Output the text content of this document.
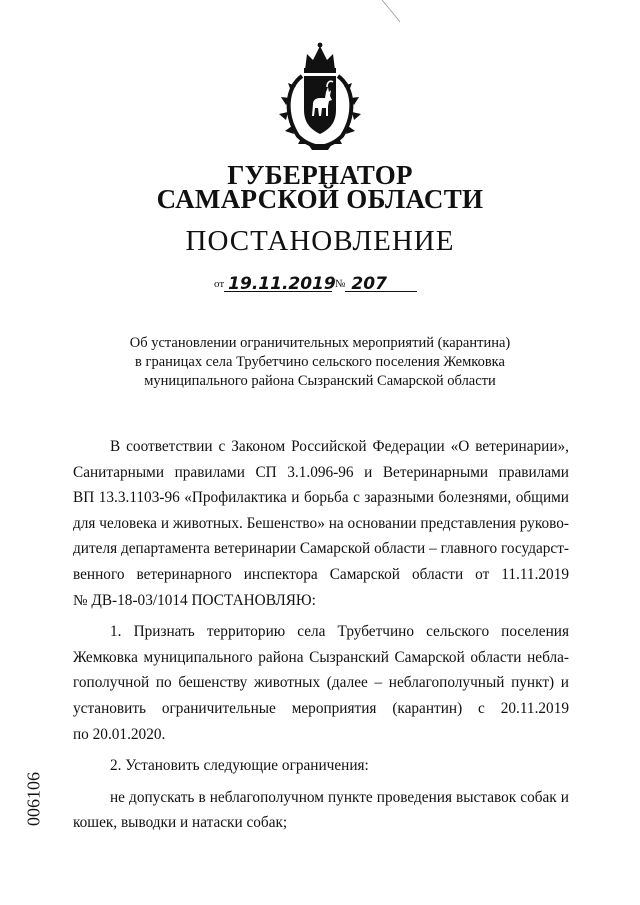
ГУБЕРНАТОР
САМАРСКОЙ ОБЛАСТИ
ПОСТАНОВЛЕНИЕ
от 19.11.2019 № 207
Об установлении ограничительных мероприятий (карантина)
в границах села Трубетчино сельского поселения Жемковка
муниципального района Сызранский Самарской области

В соответствии с Законом Российской Федерации «О ветеринарии»,
Санитарными правилами СП 3.1.096-96 и Ветеринарными правилами
ВП 13.3.1103-96 «Профилактика и борьба с заразными болезнями, общими
для человека и животных. Бешенство» на основании представления руково-
дителя департамента ветеринарии Самарской области – главного государст-
венного ветеринарного инспектора Самарской области от 11.11.2019
№ ДВ-18-03/1014 ПОСТАНОВЛЯЮ:

1. Признать территорию села Трубетчино сельского поселения
Жемковка муниципального района Сызранский Самарской области небла-
гополучной по бешенству животных (далее – неблагополучный пункт) и
установить ограничительные мероприятия (карантин) с 20.11.2019
по 20.01.2020.

2. Установить следующие ограничения:

не допускать в неблагополучном пункте проведения выставок собак и
кошек, выводки и натаски собак;

006106
